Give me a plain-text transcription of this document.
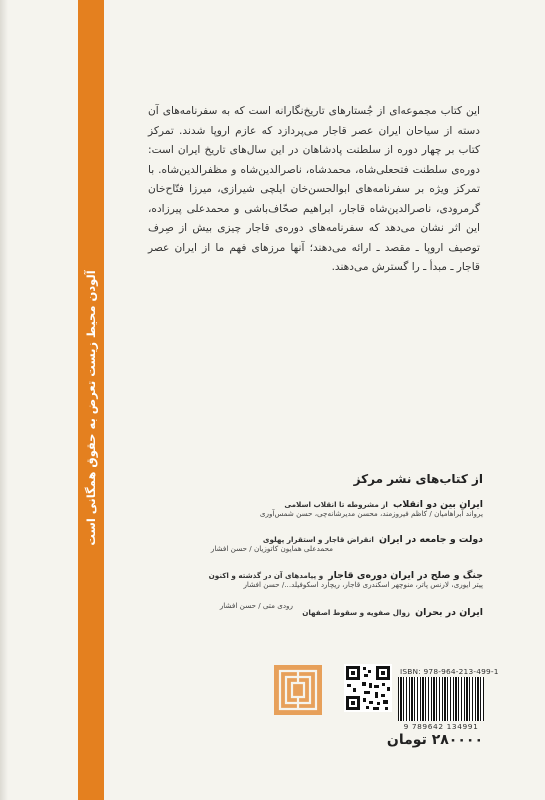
آلودن محیط زیست تعرض به حقوق همگانی است

این کتاب مجموعه‌ای از جُستارهای تاریخ‌نگارانه است که به سفرنامه‌های آن دسته از سیاحان ایران عصر قاجار می‌پردازد که عازم اروپا شدند. تمرکز کتاب بر چهار دوره از سلطنت پادشاهان در این سال‌های تاریخ ایران است: دوره‌ی سلطنت فتحعلی‌شاه، محمدشاه، ناصرالدین‌شاه و مظفرالدین‌شاه. با تمرکز ویژه بر سفرنامه‌های ابوالحسن‌خان ایلچی شیرازی، میرزا فتّاح‌خان گرمرودی، ناصرالدین‌شاه قاجار، ابراهیم صحّاف‌باشی و محمدعلی پیرزاده، این اثر نشان می‌دهد که سفرنامه‌های دوره‌ی قاجار چیزی بیش از صِرف توصیف اروپا ـ مقصد ـ ارائه می‌دهند؛ آنها مرزهای فهم ما از ایران عصر قاجار ـ مبدأ ـ را گسترش می‌دهند.

از کتاب‌های نشر مرکز
ایران بین دو انقلاب از مشروطه تا انقلاب اسلامی
یرواند آبراهامیان / کاظم فیروزمند، محسن مدیرشانه‌چی، حسن شمس‌آوری
دولت و جامعه در ایران انقراض قاجار و استقرار پهلوی
محمدعلی همایون کاتوزیان / حسن افشار
جنگ و صلح در ایران دوره‌ی قاجار و پیامدهای آن در گذشته و اکنون
پیتر ایوری، لارنس پاتر، منوچهر اسکندری قاجار، ریچارد اسکوفیلد.../ حسن افشار
ایران در بحران زوال صفویه و سقوط اصفهان
رودی متی / حسن افشار
ISBN: 978-964-213-499-1
9 789642 134991
۲۸۰۰۰۰ تومان
